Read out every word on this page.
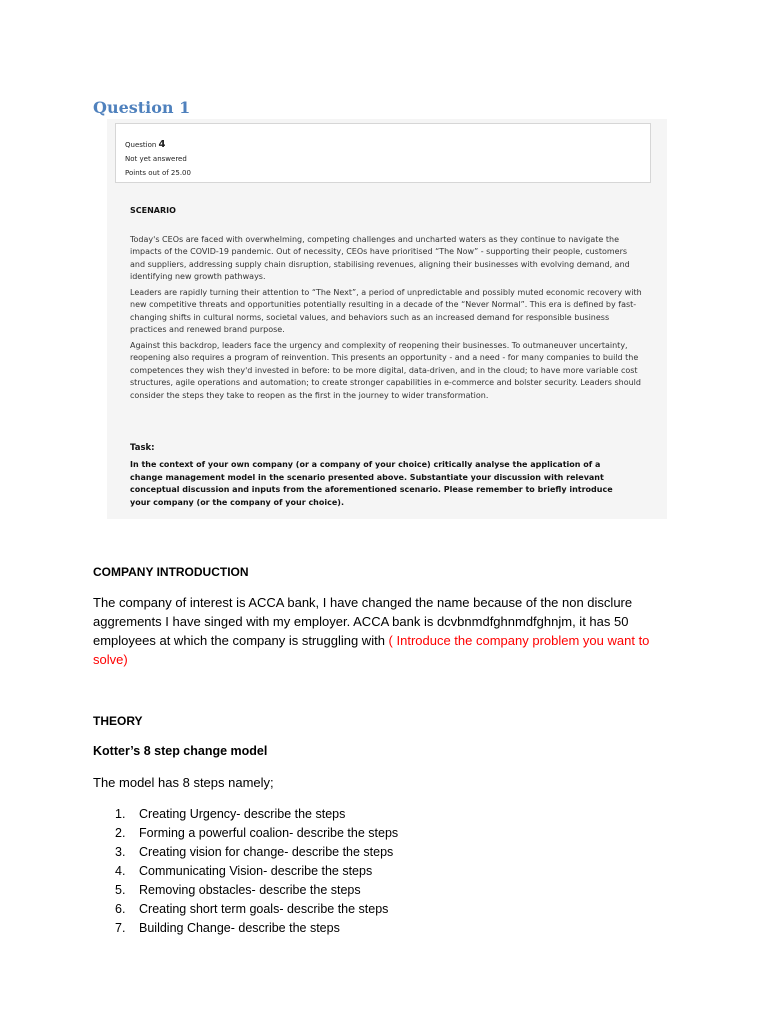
Question 1
Question 4
Not yet answered
Points out of 25.00
SCENARIO

Today's CEOs are faced with overwhelming, competing challenges and uncharted waters as they continue to navigate the impacts of the COVID-19 pandemic. Out of necessity, CEOs have prioritised “The Now” - supporting their people, customers and suppliers, addressing supply chain disruption, stabilising revenues, aligning their businesses with evolving demand, and identifying new growth pathways.

Leaders are rapidly turning their attention to “The Next”, a period of unpredictable and possibly muted economic recovery with new competitive threats and opportunities potentially resulting in a decade of the “Never Normal”. This era is defined by fast-changing shifts in cultural norms, societal values, and behaviors such as an increased demand for responsible business practices and renewed brand purpose.

Against this backdrop, leaders face the urgency and complexity of reopening their businesses. To outmaneuver uncertainty, reopening also requires a program of reinvention. This presents an opportunity - and a need - for many companies to build the competences they wish they'd invested in before: to be more digital, data-driven, and in the cloud; to have more variable cost structures, agile operations and automation; to create stronger capabilities in e-commerce and bolster security. Leaders should consider the steps they take to reopen as the first in the journey to wider transformation.

Task:
In the context of your own company (or a company of your choice) critically analyse the application of a change management model in the scenario presented above. Substantiate your discussion with relevant conceptual discussion and inputs from the aforementioned scenario. Please remember to briefly introduce your company (or the company of your choice).
COMPANY INTRODUCTION

The company of interest is ACCA bank, I have changed the name because of the non disclure aggrements I have singed with my employer. ACCA bank is dcvbnmdfghnmdfghnjm, it has 50 employees at which the company is struggling with ( Introduce the company problem you want to solve)

THEORY
Kotter’s 8 step change model

The model has 8 steps namely;

1. Creating Urgency- describe the steps
2. Forming a powerful coalion- describe the steps
3. Creating vision for change- describe the steps
4. Communicating Vision- describe the steps
5. Removing obstacles- describe the steps
6. Creating short term goals- describe the steps
7. Building Change- describe the steps
